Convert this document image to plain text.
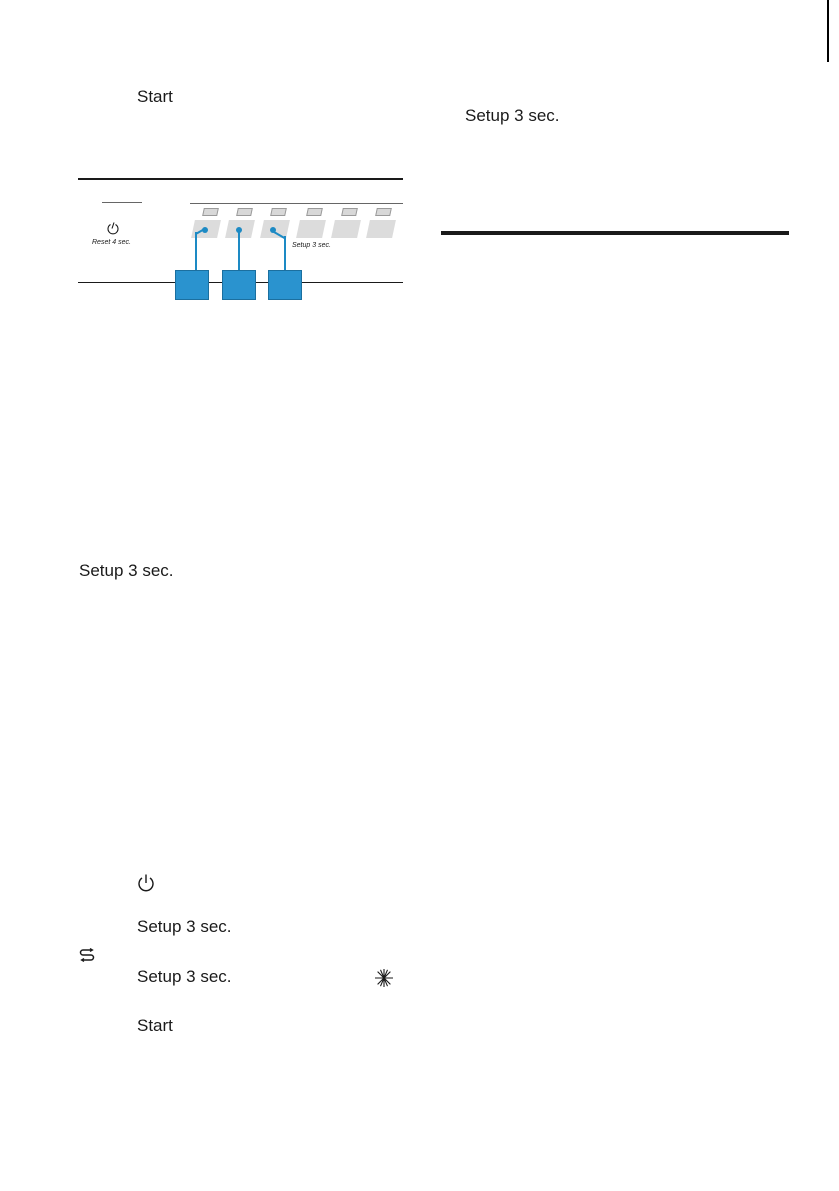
Start
Reset 4 sec.	Setup 3 sec.
Setup 3 sec.
Setup 3 sec.
Setup 3 sec.
Start
Setup 3 sec.
